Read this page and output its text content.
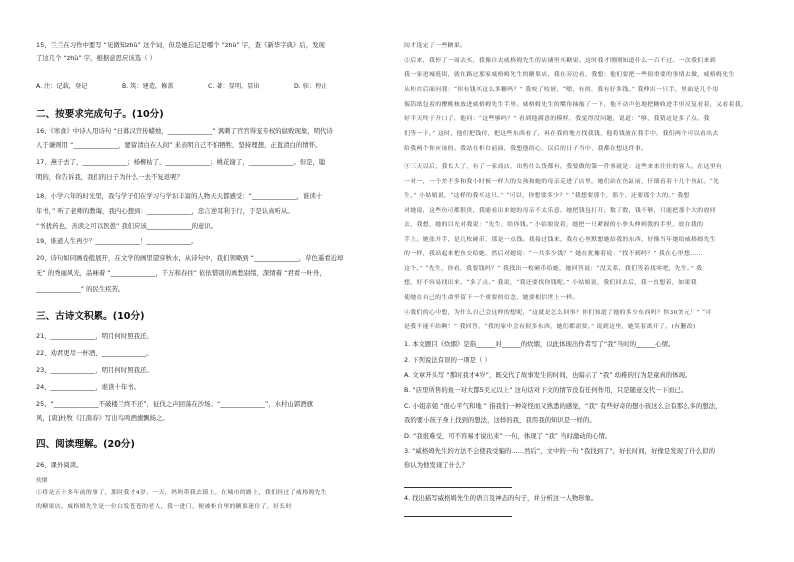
15、兰兰在习作中要写 “见微知zhù” 这个词，但是她忘记是哪个 “zhù” 字，查《新华字典》后，发现
了这几个 “zhù” 字，根据意思应该选（ ）
A. 注：记载，登记	B. 筑：建造，修盖	C. 著：显明，显出	D. 驻：停止
二、按要求完成句子。(10分)
16、《寒食》中诗人用诗句 “日暮汉宫传蜡烛，______________” 讽刺了官官得宠专权的腐败现象，明代诗
人于谦则用 “______________，要留清白在人间” 来表明自己不怕牺牲，坚持理想，正直清白的情怀。
17、燕子去了，______________；杨柳枯了，______________；桃花谢了，______________。但是，聪
明的，你告诉我，我们的日子为什么一去不复返呢？
18、小学六年的时光里，我与学子们在学习与学识丰富的人物天天都感受：“______________，谁读十
年书，” 听了老师的教诲，我内心想到：______________，忠言逆耳利于行，于是认真听从。
“书犹药也，善读之可以医愚” 我们应该______________的意识。
19、谁道人生再少？______________！______________。
20、诗句如同画卷般展开，在文学的画里望穿秋水，从诗句中，我们领略到 “______________，草色遥看近却
无” 的秀丽风光，品味着 “______________，千万和春住” 依依惜别的离愁别绪，深情着 “君看一叶舟，
______________” 的民生疾苦。
三、古诗文积累。(10分)
21、______________，明月何时照我还。
22、劝君更尽一杯酒，______________。
23、______________，明月何时照我还。
24、______________，谁读十年书。
25、“______________不破楼兰终不还”，征伐之声回荡在沙场；“______________”，水村山郭酒旗
风，[唐]杜牧《江南春》写出鸟鸣酒旗飘扬之。
四、阅读理解。(20分)
26、课外阅读。
炊烟
①将是五十多年前的事了，那时我才4岁。一天，妈妈带我去镇上，在城市的路上，我们经过了威格姆先生
的糖果店。威格姆先生是一位白发苍苍的老人，我一进门，便被柜台里的糖果迷住了，好长时
间才选定了一些糖果。
②后来，我停了一周去买，我像自去威格姆先生的店铺里买糖果。这时我才刚刚知道什么一百不过。一次我们来到
我一家进城逛街，就在路过那家威格姆先生的糖果店，我在旁边看，我想：他们要把一些很重要的事情去做，威格姆先生
从柜台后面问我：“你有钱买这么多糖吗？” 我咬了咬唇，“嗯，有的，我有好多钱。” 我伸出一只手，里面是几个用
锡箔纸包着的樱桃核放进威格姆先生手里。威格姆先生的嘴角抽搐了一下，他不动声色地把糖收进手里反复看着，又看着我，
好半天终于开口了，他问：“这些够吗？” 看到他满意的模样，我觉得没问题，说道：“够，我猜这是多了点。我
们等一下。” 这时，他们把钱付，把这些东西看了，再在我的地方找我钱，他将钱放在我手中。我们两个可以看出去
给我两个你应该的。我站在柜台前面，我想他的心，以后的日子当中，我都在想这件事。
③三天以后，我长大了，有了一家商店，出售什么货都有。我要做的第一件事就是：这些来来往往的客人。在这里有
一对一，一个差不多和我小时候一样大的女孩和她的母亲走进了店里。她们站在鱼缸前，仔细看着十几个鱼缸。“先
生，” 小姑娘说，“这样的我买这只。” “可以，你想要多少？” “我想要那个，那个，还要那个大的。” 我想
对她说，这些鱼可都很贵，我能看出来她的母亲不太乐意。她把钱包打开，数了数，钱不够，只能把那个大的放回
去，我想，她的目光对我说：“先生，给你钱。” 小姑娘说着，她把一只紧握的小拳头伸到我的手里，放在我的
手上。她张开手，是几枚硬币，那是一点钱。我接过钱来，我在心里默想她给我的东西，好像当年她给威格姆先生
的一样，我站起来把鱼交给她，然后对她说：“一共多少钱？” 她在犹豫着说：“找不到吗？” 我在心里想……
这个。” “先生，你看，我要钱吗？” 我找出一枚硬币给她，她回答说：“没关系，我们等着找零吧，先生。” 我
想，好不容易找出来，“多了点。” 我说，“我还要找你钱呢。” 小姑娘说，我们回去后，我一直想着，如果我
使她在自己的生命里留下一个重要的信念，她要相信世上一样。
④我们的心中想，为什么自己会这样的想呢，“这就是怎么回事？你们知道了她的多少东西吗？你30美元！” “可
是我不能不给啊！” 我回答，“我的家中会有很多东西，她们都需要。” 说到这里，她笑着离开了。(有删改)
1. 本文题目《炊烟》是指______对______的炊烟，以此体现出作者写了“我”当时的______心情。
2. 下列说法有误的一项是（ ）
A. 文章开头写 “那时我才4岁”，既交代了故事发生的时间，也暗示了 “我” 幼稚的行为是童真的体现。
B. “店里所售的鱼一对大都5美元以上” 这句话对下文的情节没有任何作用，只是随意交代一下而已。
C. 小姐亲姐 “很心平气和地 ” 指我们一种奇怪而又熟悉的感觉，“我” 有些好奇的想小孩这么会有那么多的想法，
我的要小孩子身上找到的想法，这样的我，我用我的知识是一样的。
D. “我很难受，可不容易才说出来” 一句，体现了 “我” 当时激动的心情。
3. “威格姆先生的方法不会使我受骗的……然后”，文中的一句 “我找到了”，好长时间，好像是发现了什么似的
你认为他发现了什么？
4. 找出描写威格姆先生的语言及神态的句子，并分析这一人物形象。
